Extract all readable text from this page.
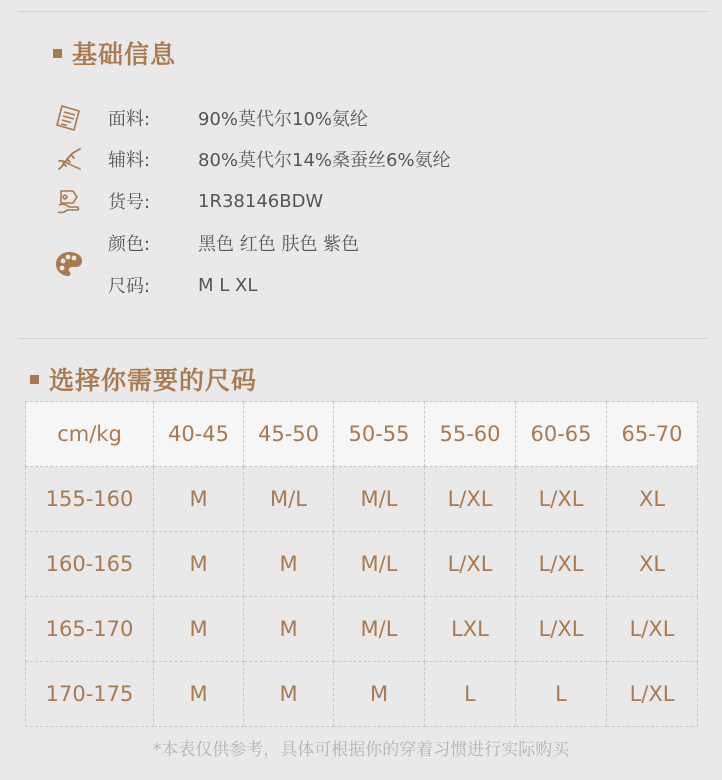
基础信息
面料:	90%莫代尔10%氨纶
辅料:	80%莫代尔14%桑蚕丝6%氨纶
货号:	1R38146BDW
颜色:	黑色 红色 肤色 紫色
尺码:	M L XL
选择你需要的尺码
cm/kg	40-45	45-50	50-55	55-60	60-65	65-70
155-160	M	M/L	M/L	L/XL	L/XL	XL
160-165	M	M	M/L	L/XL	L/XL	XL
165-170	M	M	M/L	LXL	L/XL	L/XL
170-175	M	M	M	L	L	L/XL
*本表仅供参考，具体可根据你的穿着习惯进行实际购买
